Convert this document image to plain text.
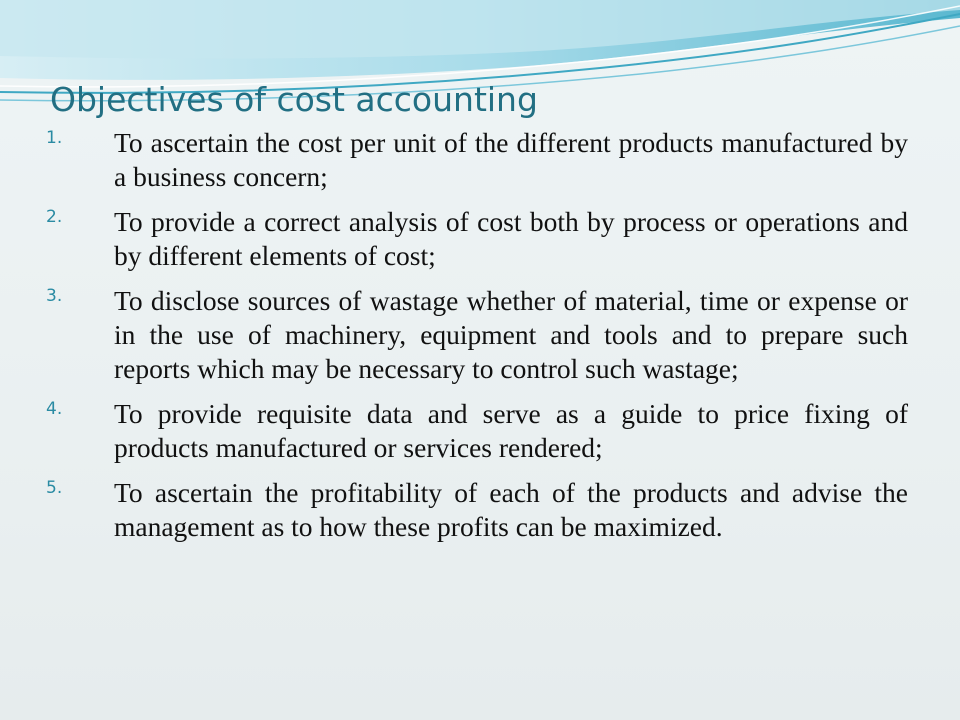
Objectives of cost accounting
1. To ascertain the cost per unit of the different products manufactured by a business concern;
2. To provide a correct analysis of cost both by process or operations and by different elements of cost;
3. To disclose sources of wastage whether of material, time or expense or in the use of machinery, equipment and tools and to prepare such reports which may be necessary to control such wastage;
4. To provide requisite data and serve as a guide to price fixing of products manufactured or services rendered;
5. To ascertain the profitability of each of the products and advise the management as to how these profits can be maximized.
